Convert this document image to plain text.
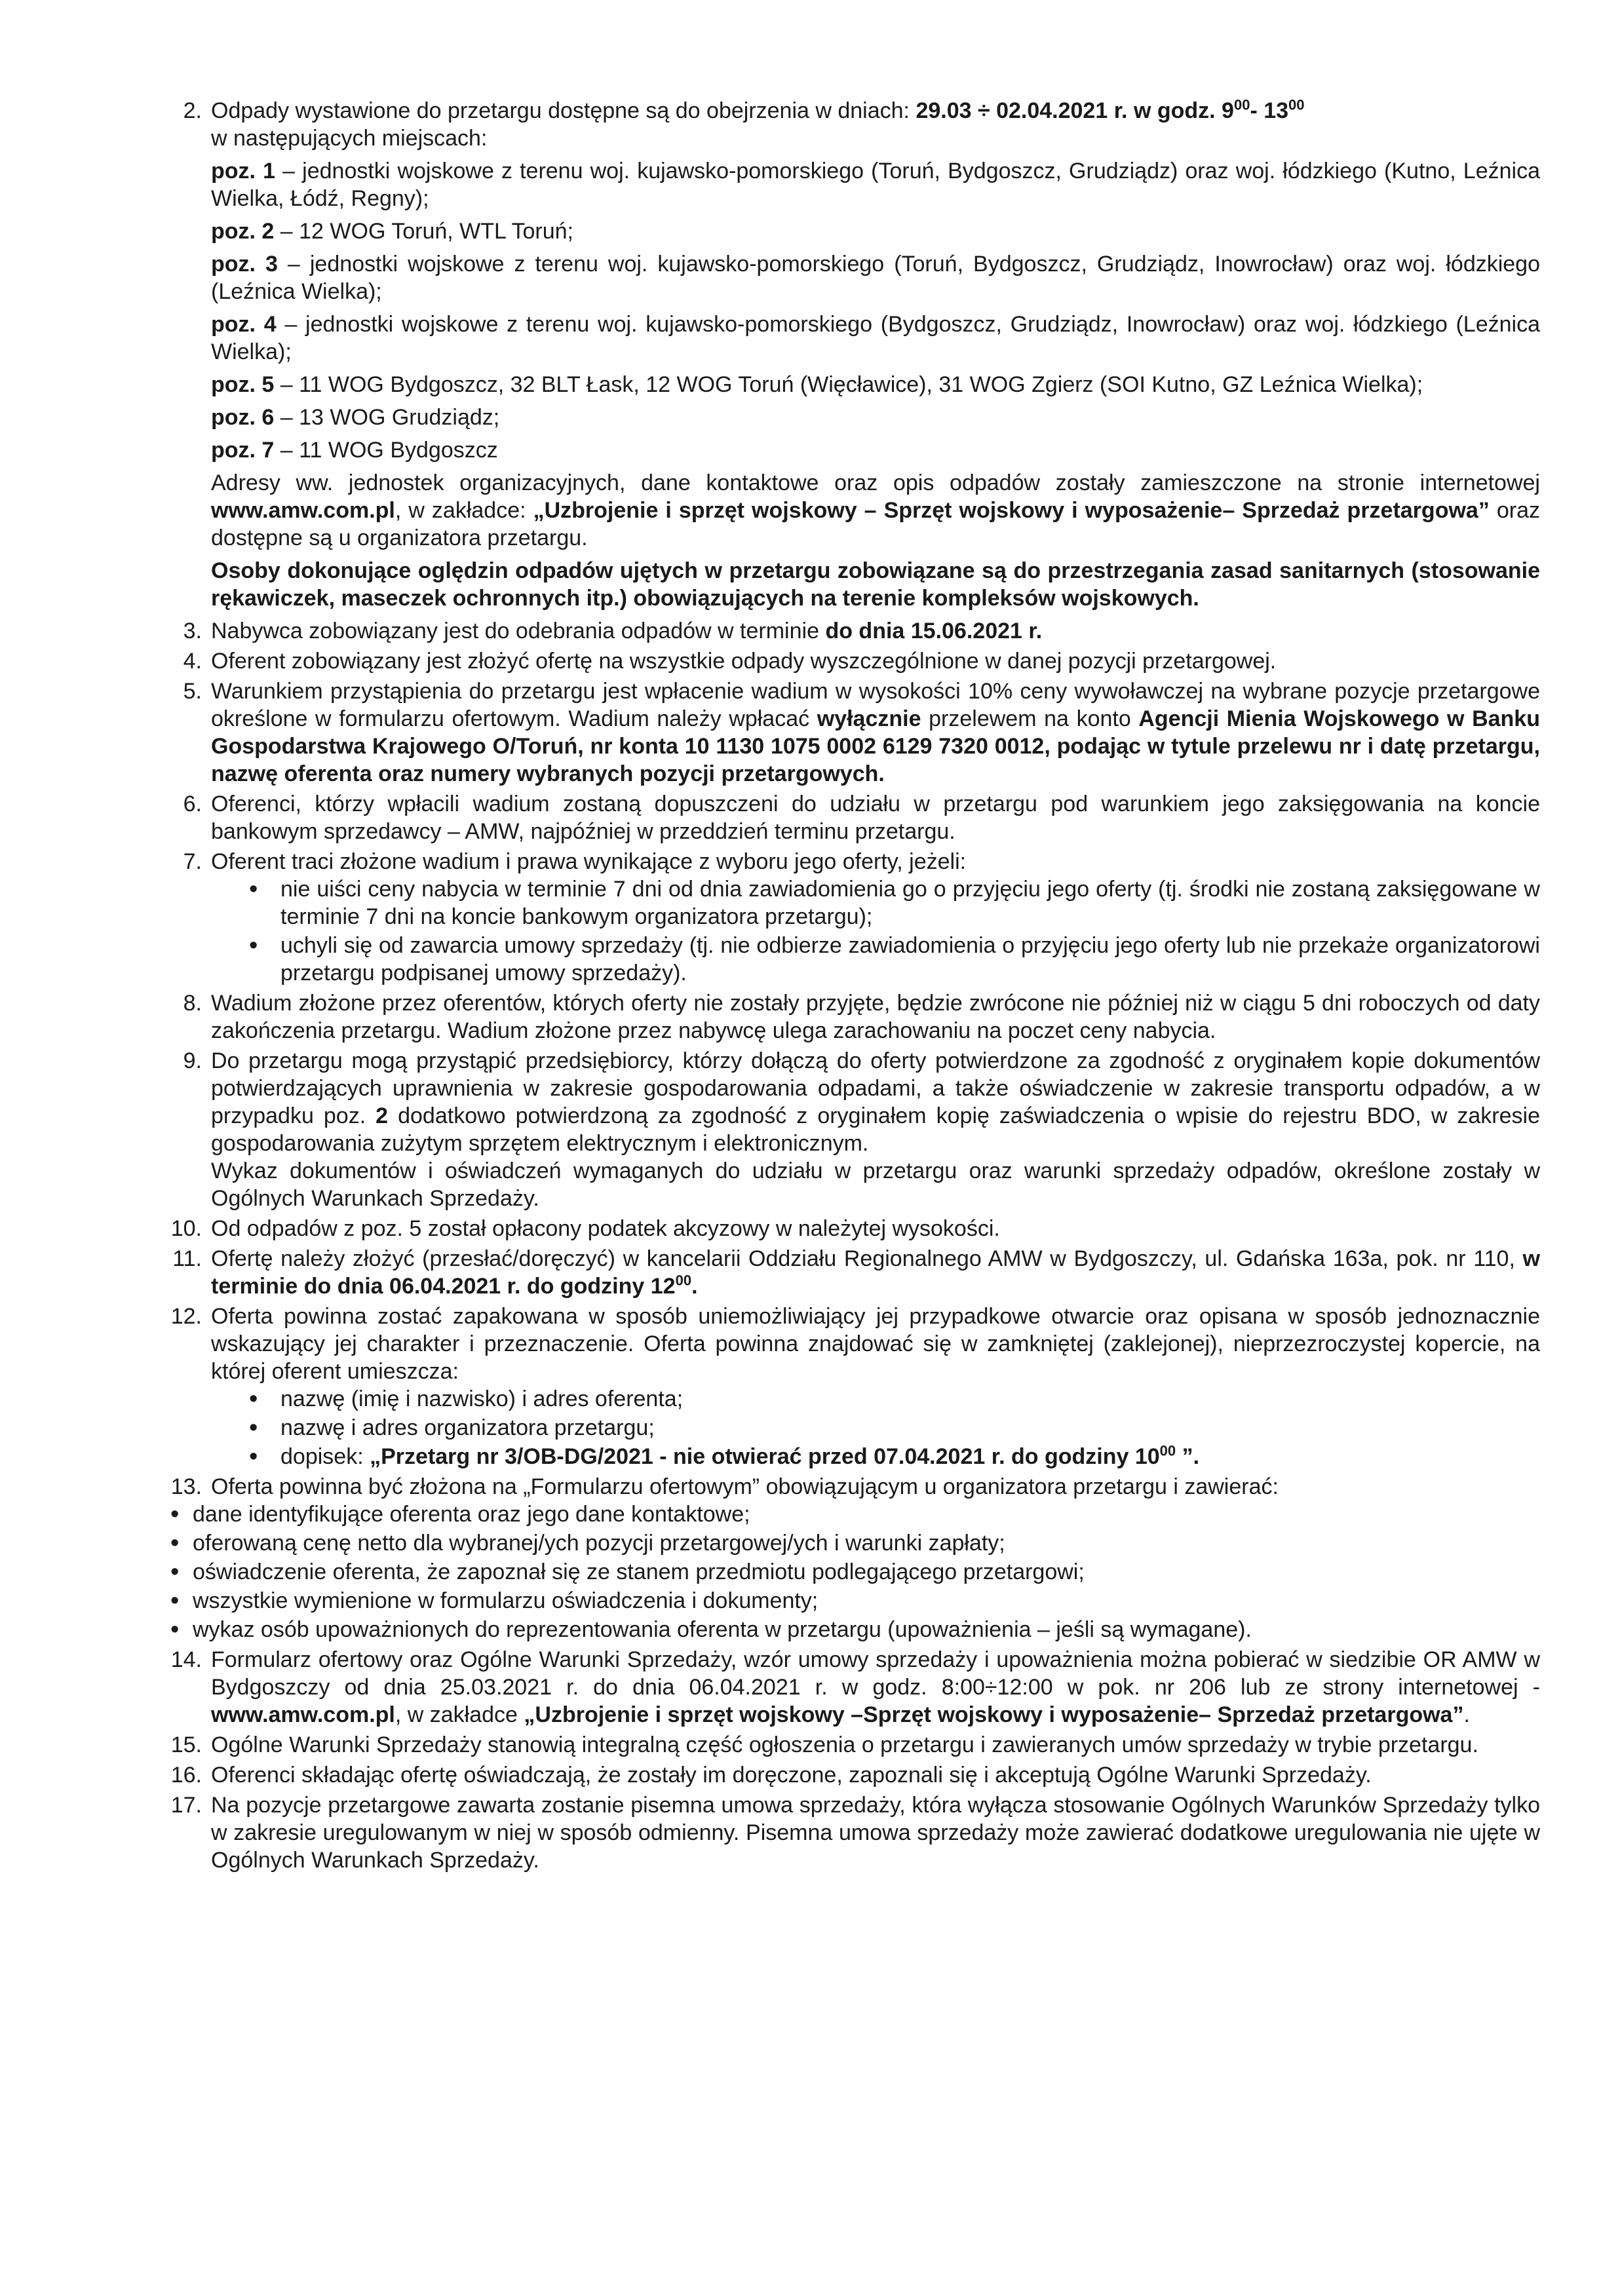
2. Odpady wystawione do przetargu dostępne są do obejrzenia w dniach: 29.03 ÷ 02.04.2021 r. w godz. $9^{00}-$ $13^{00}$
w następujących miejscach:

poz. 1 – jednostki wojskowe z terenu woj. kujawsko-pomorskiego (Toruń, Bydgoszcz, Grudziądz) oraz woj. łódzkiego (Kutno, Leźnica Wielka, Łódź, Regny);

poz. 2 – 12 WOG Toruń, WTL Toruń;

poz. 3 – jednostki wojskowe z terenu woj. kujawsko-pomorskiego (Toruń, Bydgoszcz, Grudziądz, Inowrocław) oraz woj. łódzkiego (Leźnica Wielka);

poz. 4 – jednostki wojskowe z terenu woj. kujawsko-pomorskiego (Bydgoszcz, Grudziądz, Inowrocław) oraz woj. łódzkiego (Leźnica Wielka);

poz. 5 – 11 WOG Bydgoszcz, 32 BLT Łask, 12 WOG Toruń (Więcławice), 31 WOG Zgierz (SOI Kutno, GZ Leźnica Wielka);

poz. 6 – 13 WOG Grudziądz;

poz. 7 – 11 WOG Bydgoszcz

Adresy ww. jednostek organizacyjnych, dane kontaktowe oraz opis odpadów zostały zamieszczone na stronie internetowej www.amw.com.pl, w zakładce: „Uzbrojenie i sprzęt wojskowy – Sprzęt wojskowy i wyposażenie– Sprzedaż przetargowa” oraz dostępne są u organizatora przetargu.

Osoby dokonujące oględzin odpadów ujętych w przetargu zobowiązane są do przestrzegania zasad sanitarnych (stosowanie rękawiczek, maseczek ochronnych itp.) obowiązujących na terenie kompleksów wojskowych.

3. Nabywca zobowiązany jest do odebrania odpadów w terminie do dnia 15.06.2021 r.

4. Oferent zobowiązany jest złożyć ofertę na wszystkie odpady wyszczególnione w danej pozycji przetargowej.

5. Warunkiem przystąpienia do przetargu jest wpłacenie wadium w wysokości 10% ceny wywoławczej na wybrane pozycje przetargowe określone w formularzu ofertowym. Wadium należy wpłacać wyłącznie przelewem na konto Agencji Mienia Wojskowego w Banku Gospodarstwa Krajowego O/Toruń, nr konta 10 1130 1075 0002 6129 7320 0012, podając w tytule przelewu nr i datę przetargu, nazwę oferenta oraz numery wybranych pozycji przetargowych.

6. Oferenci, którzy wpłacili wadium zostaną dopuszczeni do udziału w przetargu pod warunkiem jego zaksięgowania na koncie bankowym sprzedawcy – AMW, najpóźniej w przeddzień terminu przetargu.

7. Oferent traci złożone wadium i prawa wynikające z wyboru jego oferty, jeżeli:

• nie uiści ceny nabycia w terminie 7 dni od dnia zawiadomienia go o przyjęciu jego oferty (tj. środki nie zostaną zaksięgowane w terminie 7 dni na koncie bankowym organizatora przetargu);
• uchyli się od zawarcia umowy sprzedaży (tj. nie odbierze zawiadomienia o przyjęciu jego oferty lub nie przekaże organizatorowi przetargu podpisanej umowy sprzedaży).
8. Wadium złożone przez oferentów, których oferty nie zostały przyjęte, będzie zwrócone nie później niż w ciągu 5 dni roboczych od daty zakończenia przetargu. Wadium złożone przez nabywcę ulega zarachowaniu na poczet ceny nabycia.

9. Do przetargu mogą przystąpić przedsiębiorcy, którzy dołączą do oferty potwierdzone za zgodność z oryginałem kopie dokumentów potwierdzających uprawnienia w zakresie gospodarowania odpadami, a także oświadczenie w zakresie transportu odpadów, a w przypadku poz. 2 dodatkowo potwierdzoną za zgodność z oryginałem kopię zaświadczenia o wpisie do rejestru BDO, w zakresie gospodarowania zużytym sprzętem elektrycznym i elektronicznym.

Wykaz dokumentów i oświadczeń wymaganych do udziału w przetargu oraz warunki sprzedaży odpadów, określone zostały w Ogólnych Warunkach Sprzedaży.

10. Od odpadów z poz. 5 został opłacony podatek akcyzowy w należytej wysokości.

11. Ofertę należy złożyć (przesłać/doręczyć) w kancelarii Oddziału Regionalnego AMW w Bydgoszczy, ul. Gdańska 163a, pok. nr 110, w terminie do dnia 06.04.2021 r. do godziny $12^{00}$.

12. Oferta powinna zostać zapakowana w sposób uniemożliwiający jej przypadkowe otwarcie oraz opisana w sposób jednoznacznie wskazujący jej charakter i przeznaczenie. Oferta powinna znajdować się w zamkniętej (zaklejonej), nieprzezroczystej kopercie, na której oferent umieszcza:

• nazwę (imię i nazwisko) i adres oferenta;
• nazwę i adres organizatora przetargu;
• dopisek: „Przetarg nr 3/OB-DG/2021 - nie otwierać przed 07.04.2021 r. do godziny $10^{00}$ ”.
13. Oferta powinna być złożona na „Formularzu ofertowym” obowiązującym u organizatora przetargu i zawierać:

• dane identyfikujące oferenta oraz jego dane kontaktowe;
• oferowaną cenę netto dla wybranej/ych pozycji przetargowej/ych i warunki zapłaty;
• oświadczenie oferenta, że zapoznał się ze stanem przedmiotu podlegającego przetargowi;
• wszystkie wymienione w formularzu oświadczenia i dokumenty;
• wykaz osób upoważnionych do reprezentowania oferenta w przetargu (upoważnienia – jeśli są wymagane).
14. Formularz ofertowy oraz Ogólne Warunki Sprzedaży, wzór umowy sprzedaży i upoważnienia można pobierać w siedzibie OR AMW w Bydgoszczy od dnia 25.03.2021 r. do dnia 06.04.2021 r. w godz. 8:00÷12:00 w pok. nr 206 lub ze strony internetowej - www.amw.com.pl, w zakładce „Uzbrojenie i sprzęt wojskowy –Sprzęt wojskowy i wyposażenie– Sprzedaż przetargowa”.

15. Ogólne Warunki Sprzedaży stanowią integralną część ogłoszenia o przetargu i zawieranych umów sprzedaży w trybie przetargu.

16. Oferenci składając ofertę oświadczają, że zostały im doręczone, zapoznali się i akceptują Ogólne Warunki Sprzedaży.

17. Na pozycje przetargowe zawarta zostanie pisemna umowa sprzedaży, która wyłącza stosowanie Ogólnych Warunków Sprzedaży tylko w zakresie uregulowanym w niej w sposób odmienny. Pisemna umowa sprzedaży może zawierać dodatkowe uregulowania nie ujęte w Ogólnych Warunkach Sprzedaży.
